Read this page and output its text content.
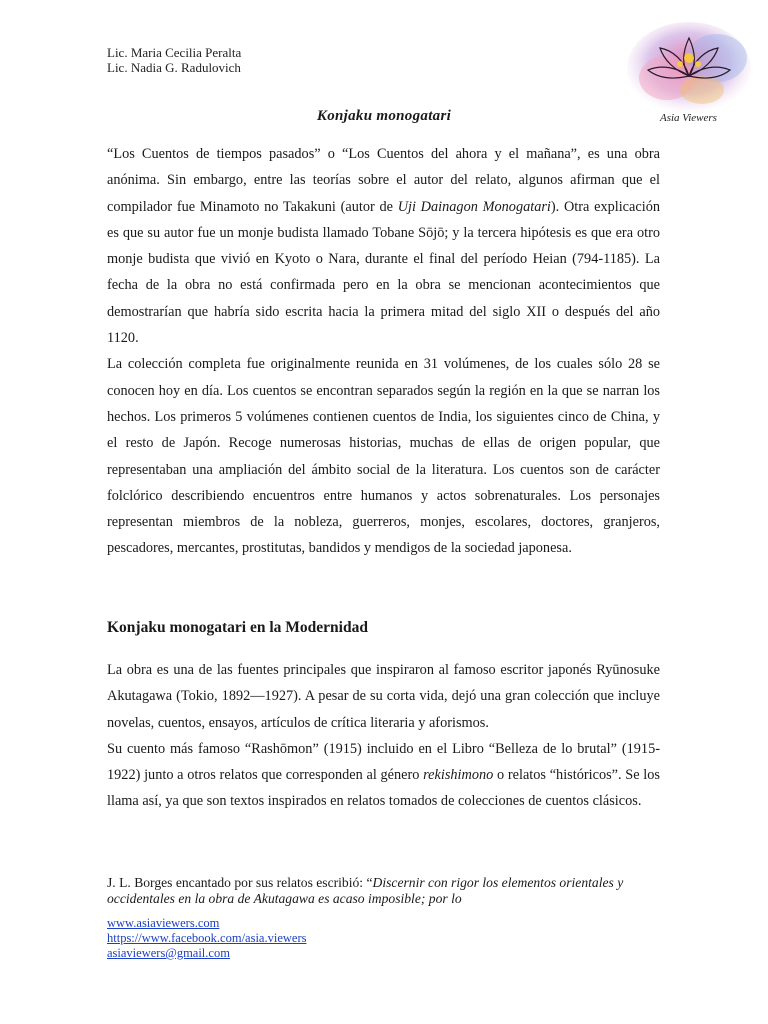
Lic. Maria Cecilia Peralta
Lic. Nadia G. Radulovich
Asia Viewers
Konjaku monogatari

“Los Cuentos de tiempos pasados” o “Los Cuentos del ahora y el mañana”, es una obra anónima. Sin embargo, entre las teorías sobre el autor del relato, algunos afirman que el compilador fue Minamoto no Takakuni (autor de Uji Dainagon Monogatari). Otra explicación es que su autor fue un monje budista llamado Tobane Sōjō; y la tercera hipótesis es que era otro monje budista que vivió en Kyoto o Nara, durante el final del período Heian (794-1185). La fecha de la obra no está confirmada pero en la obra se mencionan acontecimientos que demostrarían que habría sido escrita hacia la primera mitad del siglo XII o después del año 1120.

La colección completa fue originalmente reunida en 31 volúmenes, de los cuales sólo 28 se conocen hoy en día. Los cuentos se encontran separados según la región en la que se narran los hechos. Los primeros 5 volúmenes contienen cuentos de India, los siguientes cinco de China, y el resto de Japón. Recoge numerosas historias, muchas de ellas de origen popular, que representaban una ampliación del ámbito social de la literatura. Los cuentos son de carácter folclórico describiendo encuentros entre humanos y actos sobrenaturales. Los personajes representan miembros de la nobleza, guerreros, monjes, escolares, doctores, granjeros, pescadores, mercantes, prostitutas, bandidos y mendigos de la sociedad japonesa.

Konjaku monogatari en la Modernidad

La obra es una de las fuentes principales que inspiraron al famoso escritor japonés Ryūnosuke Akutagawa (Tokio, 1892—1927). A pesar de su corta vida, dejó una gran colección que incluye novelas, cuentos, ensayos, artículos de crítica literaria y aforismos.

Su cuento más famoso “Rashōmon” (1915) incluido en el Libro “Belleza de lo brutal” (1915-1922) junto a otros relatos que corresponden al género rekishimono o relatos “históricos”. Se los llama así, ya que son textos inspirados en relatos tomados de colecciones de cuentos clásicos.

J. L. Borges encantado por sus relatos escribió: “Discernir con rigor los elementos orientales y occidentales en la obra de Akutagawa es acaso imposible; por lo
www.asiaviewers.com
https://www.facebook.com/asia.viewers
asiaviewers@gmail.com
